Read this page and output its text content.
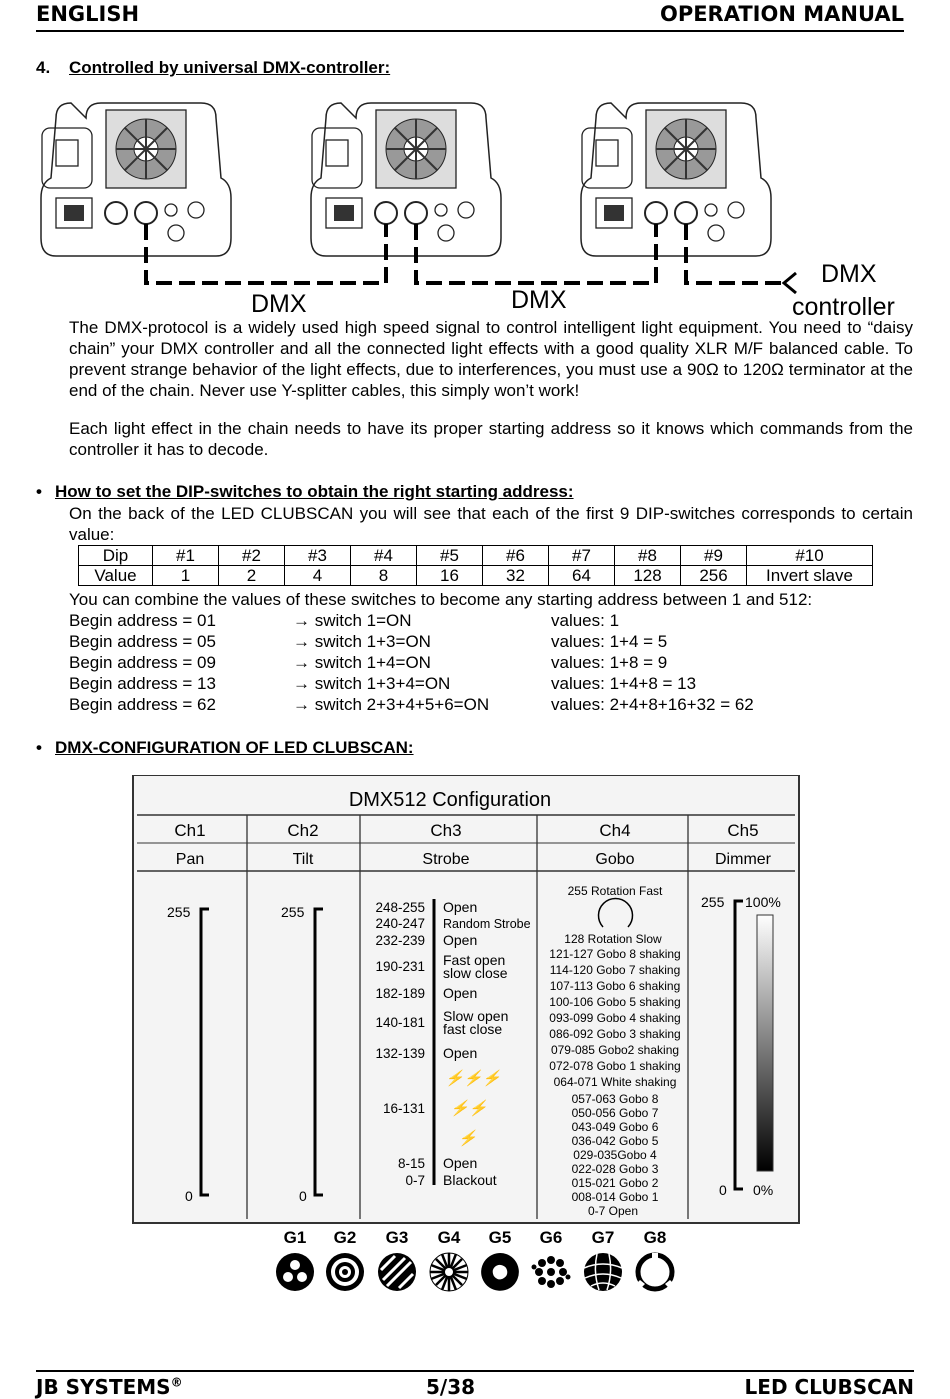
ENGLISH	OPERATION MANUAL
4. Controlled by universal DMX-controller:
DMX	DMX
DMX
controller
The DMX-protocol is a widely used high speed signal to control intelligent light equipment. You need to “daisy chain” your DMX controller and all the connected light effects with a good quality XLR M/F balanced cable. To prevent strange behavior of the light effects, due to interferences, you must use a 90Ω to 120Ω terminator at the end of the chain. Never use Y-splitter cables, this simply won’t work!
Each light effect in the chain needs to have its proper starting address so it knows which commands from the controller it has to decode.
• How to set the DIP-switches to obtain the right starting address:
On the back of the LED CLUBSCAN you will see that each of the first 9 DIP-switches corresponds to certain value:
Dip	#1	#2	#3	#4	#5	#6	#7	#8	#9	#10
Value	1	2	4	8	16	32	64	128	256	Invert slave
You can combine the values of these switches to become any starting address between 1 and 512:
Begin address = 01	→ switch 1=ON	values: 1
Begin address = 05	→ switch 1+3=ON	values: 1+4 = 5
Begin address = 09	→ switch 1+4=ON	values: 1+8 = 9
Begin address = 13	→ switch 1+3+4=ON	values: 1+4+8 = 13
Begin address = 62	→ switch 2+3+4+5+6=ON	values: 2+4+8+16+32 = 62
• DMX-CONFIGURATION OF LED CLUBSCAN:
DMX512 Configuration
Ch1	Ch2	Ch3	Ch4	Ch5
Pan	Tilt	Strobe	Gobo	Dimmer
255
0
255
0
248-255 Open
240-247 Random Strobe
232-239 Open
190-231 Fast open
slow close
182-189 Open
140-181 Slow open
fast close
132-139 Open
⚡⚡⚡
16-131 ⚡⚡
⚡
8-15 Open
0-7 Blackout
255 Rotation Fast
128 Rotation Slow
121-127 Gobo 8 shaking
114-120 Gobo 7 shaking
107-113 Gobo 6 shaking
100-106 Gobo 5 shaking
093-099 Gobo 4 shaking
086-092 Gobo 3 shaking
079-085 Gobo2 shaking
072-078 Gobo 1 shaking
064-071 White shaking
057-063 Gobo 8
050-056 Gobo 7
043-049 Gobo 6
036-042 Gobo 5
029-035Gobo 4
022-028 Gobo 3
015-021 Gobo 2
008-014 Gobo 1
0-7 Open
255 100%
0 0%
G1 G2 G3 G4 G5 G6 G7 G8
JB SYSTEMS®	5/38	LED CLUBSCAN
